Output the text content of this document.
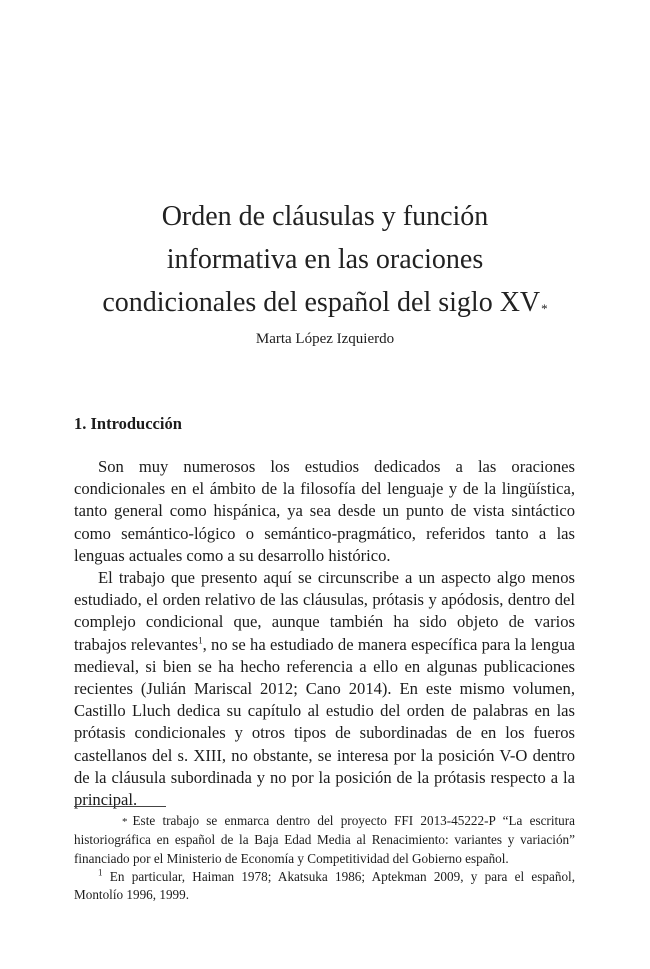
Orden de cláusulas y función
informativa en las oraciones
condicionales del español del siglo XV*
Marta López Izquierdo
1. Introducción

Son muy numerosos los estudios dedicados a las oraciones condicionales en el ámbito de la filosofía del lenguaje y de la lingüística, tanto general como hispánica, ya sea desde un punto de vista sintáctico como semántico-lógico o semántico-pragmático, referidos tanto a las lenguas actuales como a su desarrollo histórico.

El trabajo que presento aquí se circunscribe a un aspecto algo menos estudiado, el orden relativo de las cláusulas, prótasis y apódosis, dentro del complejo condicional que, aunque también ha sido objeto de varios trabajos relevantes$^1$, no se ha estudiado de manera específica para la lengua medieval, si bien se ha hecho referencia a ello en algunas publicaciones recientes (Julián Mariscal 2012; Cano 2014). En este mismo volumen, Castillo Lluch dedica su capítulo al estudio del orden de palabras en las prótasis condicionales y otros tipos de subordinadas de en los fueros castellanos del s. XIII, no obstante, se interesa por la posición V-O dentro de la cláusula subordinada y no por la posición de la prótasis respecto a la principal.

* Este trabajo se enmarca dentro del proyecto FFI 2013-45222-P “La escritura historiográfica en español de la Baja Edad Media al Renacimiento: variantes y variación” financiado por el Ministerio de Economía y Competitividad del Gobierno español.

$^1$ En particular, Haiman 1978; Akatsuka 1986; Aptekman 2009, y para el español, Montolío 1996, 1999.
